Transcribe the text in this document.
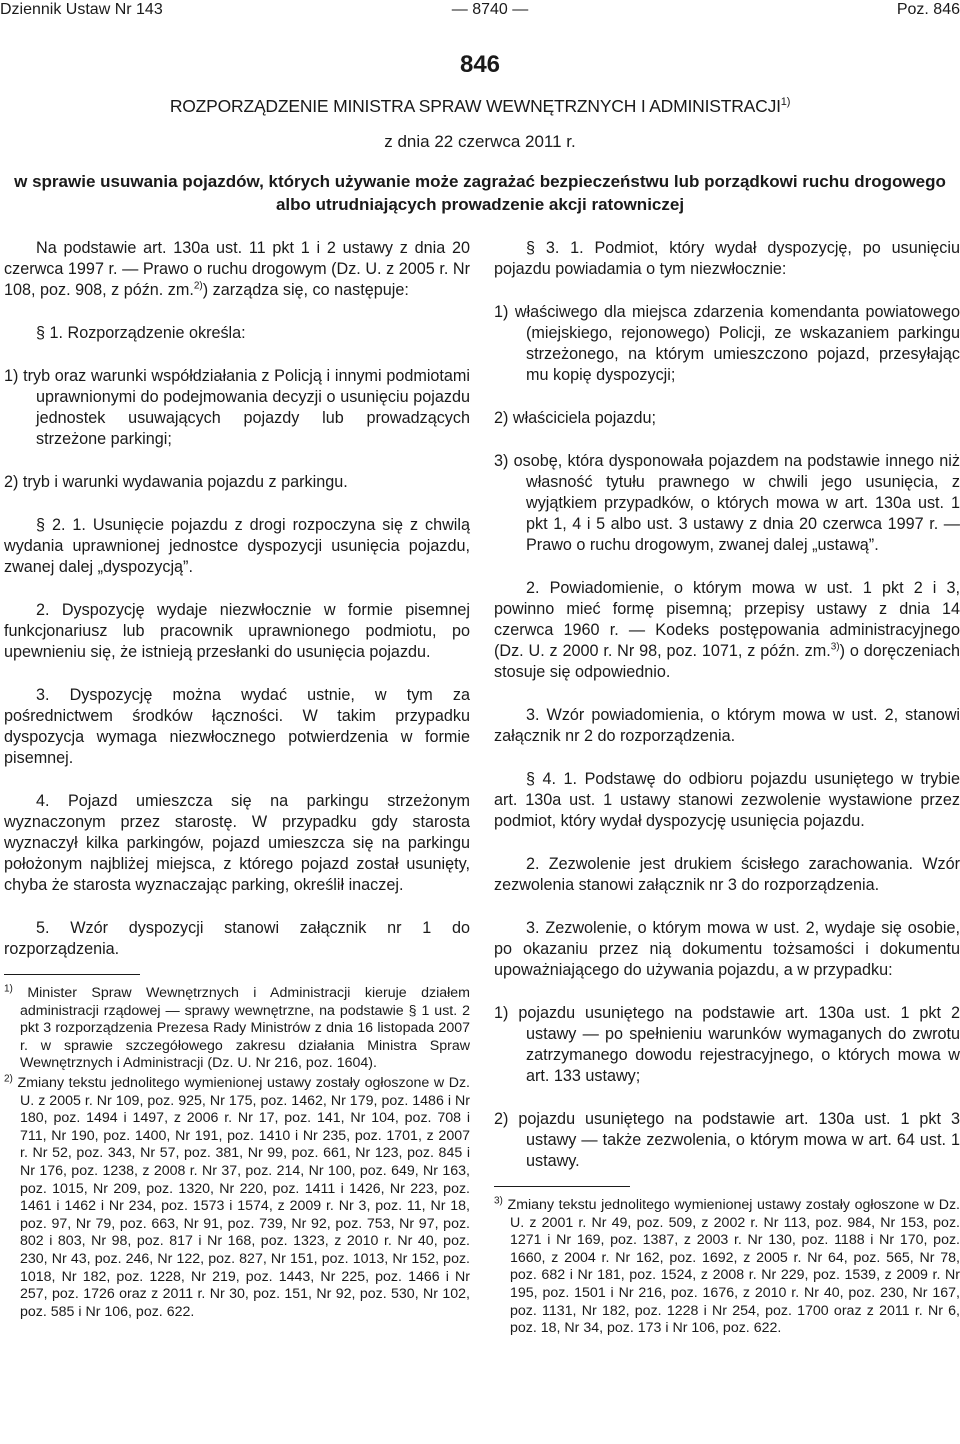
Dziennik Ustaw Nr 143	— 8740 —	Poz. 846
846
ROZPORZĄDZENIE MINISTRA SPRAW WEWNĘTRZNYCH I ADMINISTRACJI$^{1)}$
z dnia 22 czerwca 2011 r.
w sprawie usuwania pojazdów, których używanie może zagrażać bezpieczeństwu lub porządkowi ruchu drogowego albo utrudniających prowadzenie akcji ratowniczej

Na podstawie art. 130a ust. 11 pkt 1 i 2 ustawy z dnia 20 czerwca 1997 r. — Prawo o ruchu drogowym (Dz. U. z 2005 r. Nr 108, poz. 908, z późn. zm.$^{2)}$) zarządza się, co następuje:

§ 1. Rozporządzenie określa:

1) tryb oraz warunki współdziałania z Policją i innymi podmiotami uprawnionymi do podejmowania decyzji o usunięciu pojazdu jednostek usuwających pojazdy lub prowadzących strzeżone parkingi;

2) tryb i warunki wydawania pojazdu z parkingu.

§ 2. 1. Usunięcie pojazdu z drogi rozpoczyna się z chwilą wydania uprawnionej jednostce dyspozycji usunięcia pojazdu, zwanej dalej „dyspozycją”.

2. Dyspozycję wydaje niezwłocznie w formie pisemnej funkcjonariusz lub pracownik uprawnionego podmiotu, po upewnieniu się, że istnieją przesłanki do usunięcia pojazdu.

3. Dyspozycję można wydać ustnie, w tym za pośrednictwem środków łączności. W takim przypadku dyspozycja wymaga niezwłocznego potwierdzenia w formie pisemnej.

4. Pojazd umieszcza się na parkingu strzeżonym wyznaczonym przez starostę. W przypadku gdy starosta wyznaczył kilka parkingów, pojazd umieszcza się na parkingu położonym najbliżej miejsca, z którego pojazd został usunięty, chyba że starosta wyznaczając parking, określił inaczej.

5. Wzór dyspozycji stanowi załącznik nr 1 do rozporządzenia.

$^{1)}$ Minister Spraw Wewnętrznych i Administracji kieruje działem administracji rządowej — sprawy wewnętrzne, na podstawie § 1 ust. 2 pkt 3 rozporządzenia Prezesa Rady Ministrów z dnia 16 listopada 2007 r. w sprawie szczegółowego zakresu działania Ministra Spraw Wewnętrznych i Administracji (Dz. U. Nr 216, poz. 1604).

$^{2)}$ Zmiany tekstu jednolitego wymienionej ustawy zostały ogłoszone w Dz. U. z 2005 r. Nr 109, poz. 925, Nr 175, poz. 1462, Nr 179, poz. 1486 i Nr 180, poz. 1494 i 1497, z 2006 r. Nr 17, poz. 141, Nr 104, poz. 708 i 711, Nr 190, poz. 1400, Nr 191, poz. 1410 i Nr 235, poz. 1701, z 2007 r. Nr 52, poz. 343, Nr 57, poz. 381, Nr 99, poz. 661, Nr 123, poz. 845 i Nr 176, poz. 1238, z 2008 r. Nr 37, poz. 214, Nr 100, poz. 649, Nr 163, poz. 1015, Nr 209, poz. 1320, Nr 220, poz. 1411 i 1426, Nr 223, poz. 1461 i 1462 i Nr 234, poz. 1573 i 1574, z 2009 r. Nr 3, poz. 11, Nr 18, poz. 97, Nr 79, poz. 663, Nr 91, poz. 739, Nr 92, poz. 753, Nr 97, poz. 802 i 803, Nr 98, poz. 817 i Nr 168, poz. 1323, z 2010 r. Nr 40, poz. 230, Nr 43, poz. 246, Nr 122, poz. 827, Nr 151, poz. 1013, Nr 152, poz. 1018, Nr 182, poz. 1228, Nr 219, poz. 1443, Nr 225, poz. 1466 i Nr 257, poz. 1726 oraz z 2011 r. Nr 30, poz. 151, Nr 92, poz. 530, Nr 102, poz. 585 i Nr 106, poz. 622.

§ 3. 1. Podmiot, który wydał dyspozycję, po usunięciu pojazdu powiadamia o tym niezwłocznie:

1) właściwego dla miejsca zdarzenia komendanta powiatowego (miejskiego, rejonowego) Policji, ze wskazaniem parkingu strzeżonego, na którym umieszczono pojazd, przesyłając mu kopię dyspozycji;

2) właściciela pojazdu;

3) osobę, która dysponowała pojazdem na podstawie innego niż własność tytułu prawnego w chwili jego usunięcia, z wyjątkiem przypadków, o których mowa w art. 130a ust. 1 pkt 1, 4 i 5 albo ust. 3 ustawy z dnia 20 czerwca 1997 r. — Prawo o ruchu drogowym, zwanej dalej „ustawą”.

2. Powiadomienie, o którym mowa w ust. 1 pkt 2 i 3, powinno mieć formę pisemną; przepisy ustawy z dnia 14 czerwca 1960 r. — Kodeks postępowania administracyjnego (Dz. U. z 2000 r. Nr 98, poz. 1071, z późn. zm.$^{3)}$) o doręczeniach stosuje się odpowiednio.

3. Wzór powiadomienia, o którym mowa w ust. 2, stanowi załącznik nr 2 do rozporządzenia.

§ 4. 1. Podstawę do odbioru pojazdu usuniętego w trybie art. 130a ust. 1 ustawy stanowi zezwolenie wystawione przez podmiot, który wydał dyspozycję usunięcia pojazdu.

2. Zezwolenie jest drukiem ścisłego zarachowania. Wzór zezwolenia stanowi załącznik nr 3 do rozporządzenia.

3. Zezwolenie, o którym mowa w ust. 2, wydaje się osobie, po okazaniu przez nią dokumentu tożsamości i dokumentu upoważniającego do używania pojazdu, a w przypadku:

1) pojazdu usuniętego na podstawie art. 130a ust. 1 pkt 2 ustawy — po spełnieniu warunków wymaganych do zwrotu zatrzymanego dowodu rejestracyjnego, o których mowa w art. 133 ustawy;

2) pojazdu usuniętego na podstawie art. 130a ust. 1 pkt 3 ustawy — także zezwolenia, o którym mowa w art. 64 ust. 1 ustawy.

$^{3)}$ Zmiany tekstu jednolitego wymienionej ustawy zostały ogłoszone w Dz. U. z 2001 r. Nr 49, poz. 509, z 2002 r. Nr 113, poz. 984, Nr 153, poz. 1271 i Nr 169, poz. 1387, z 2003 r. Nr 130, poz. 1188 i Nr 170, poz. 1660, z 2004 r. Nr 162, poz. 1692, z 2005 r. Nr 64, poz. 565, Nr 78, poz. 682 i Nr 181, poz. 1524, z 2008 r. Nr 229, poz. 1539, z 2009 r. Nr 195, poz. 1501 i Nr 216, poz. 1676, z 2010 r. Nr 40, poz. 230, Nr 167, poz. 1131, Nr 182, poz. 1228 i Nr 254, poz. 1700 oraz z 2011 r. Nr 6, poz. 18, Nr 34, poz. 173 i Nr 106, poz. 622.
